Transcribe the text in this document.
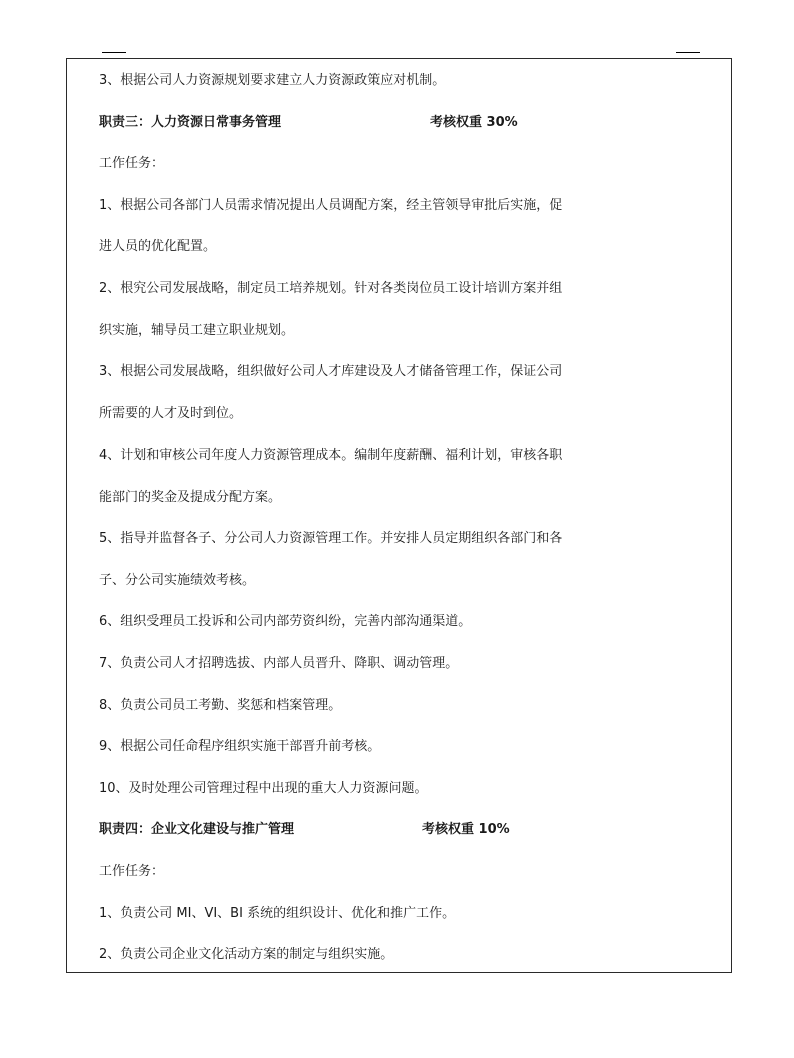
3、根据公司人力资源规划要求建立人力资源政策应对机制。
职责三：人力资源日常事务管理	考核权重 30%
工作任务：
1、根据公司各部门人员需求情况提出人员调配方案，经主管领导审批后实施，促
进人员的优化配置。
2、根究公司发展战略，制定员工培养规划。针对各类岗位员工设计培训方案并组
织实施，辅导员工建立职业规划。
3、根据公司发展战略，组织做好公司人才库建设及人才储备管理工作，保证公司
所需要的人才及时到位。
4、计划和审核公司年度人力资源管理成本。编制年度薪酬、福利计划，审核各职
能部门的奖金及提成分配方案。
5、指导并监督各子、分公司人力资源管理工作。并安排人员定期组织各部门和各
子、分公司实施绩效考核。
6、组织受理员工投诉和公司内部劳资纠纷，完善内部沟通渠道。
7、负责公司人才招聘选拔、内部人员晋升、降职、调动管理。
8、负责公司员工考勤、奖惩和档案管理。
9、根据公司任命程序组织实施干部晋升前考核。
10、及时处理公司管理过程中出现的重大人力资源问题。
职责四：企业文化建设与推广管理	考核权重 10%
工作任务：
1、负责公司 MI、VI、BI 系统的组织设计、优化和推广工作。
2、负责公司企业文化活动方案的制定与组织实施。
